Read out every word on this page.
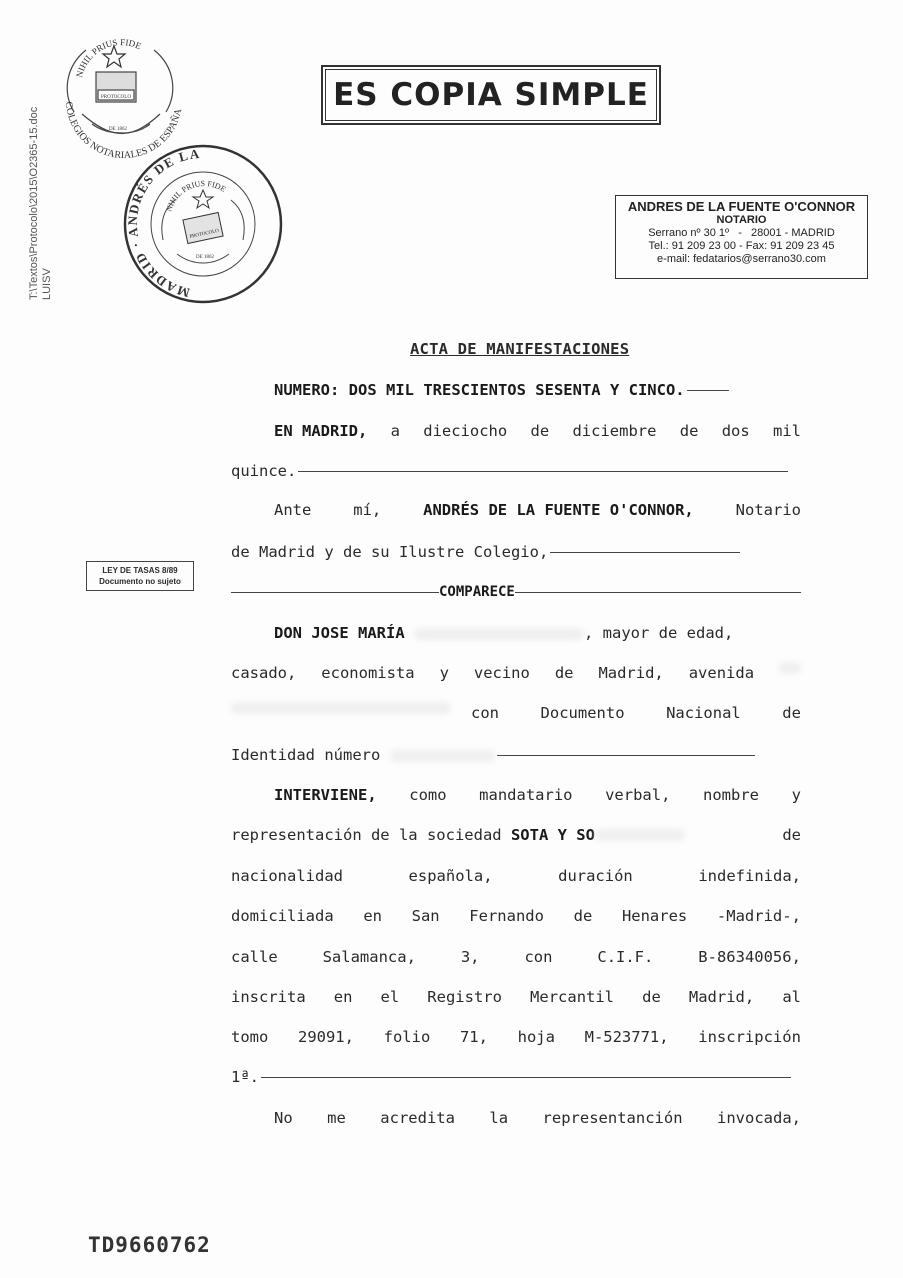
T:\Textos\Protocolo\2015\O2365-15.doc
LUISV
NIHIL PRIUS FIDE
COLEGIOS NOTARIALES DE ESPAÑA
PROTOCOLO
DE 1862
MADRID · ANDRÉS DE LA
NIHIL PRIUS FIDE
PROTOCOLO
DE 1862
ES COPIA SIMPLE
ANDRES DE LA FUENTE O'CONNOR
NOTARIO
Serrano nº 30 1º   -   28001 - MADRID
Tel.: 91 209 23 00 - Fax: 91 209 23 45
e-mail: fedatarios@serrano30.com
LEY DE TASAS 8/89
Documento no sujeto
ACTA DE MANIFESTACIONES
NUMERO: DOS MIL TRESCIENTOS SESENTA Y CINCO.
EN MADRID, a dieciocho de diciembre de dos mil
quince.
Ante	mí,	ANDRÉS DE LA FUENTE O'CONNOR,	Notario
de Madrid y de su Ilustre Colegio,
COMPARECE
DON JOSE MARÍA	, mayor de edad,
casado, economista y vecino de Madrid, avenida
con	Documento	Nacional	de
Identidad número
INTERVIENE, como mandatario verbal, nombre y
representación de la sociedad
SOTA Y SO	de
nacionalidad	española,	duración	indefinida,
domiciliada en San Fernando de Henares -Madrid-,
calle	Salamanca,	3,	con	C.I.F.	B-86340056,
inscrita en el Registro Mercantil de Madrid, al
tomo 29091, folio 71, hoja M-523771, inscripción
1ª.
No me acredita la representanción invocada,
TD9660762
